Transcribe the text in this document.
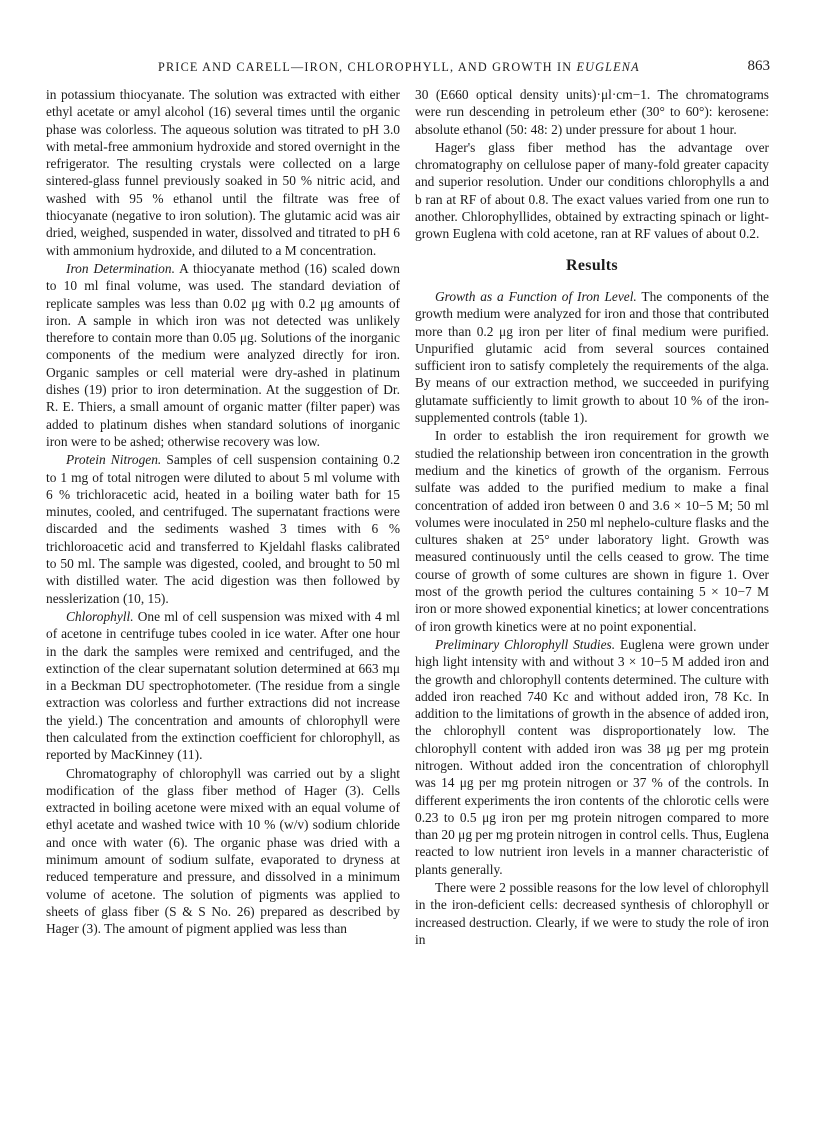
PRICE AND CARELL—IRON, CHLOROPHYLL, AND GROWTH IN EUGLENA	863

in potassium thiocyanate. The solution was extracted with either ethyl acetate or amyl alcohol (16) several times until the organic phase was colorless. The aqueous solution was titrated to pH 3.0 with metal-free ammonium hydroxide and stored overnight in the refrigerator. The resulting crystals were collected on a large sintered-glass funnel previously soaked in 50 % nitric acid, and washed with 95 % ethanol until the filtrate was free of thiocyanate (negative to iron solution). The glutamic acid was air dried, weighed, suspended in water, dissolved and titrated to pH 6 with ammonium hydroxide, and diluted to a M concentration.

Iron Determination. A thiocyanate method (16) scaled down to 10 ml final volume, was used. The standard deviation of replicate samples was less than 0.02 μg with 0.2 μg amounts of iron. A sample in which iron was not detected was unlikely therefore to contain more than 0.05 μg. Solutions of the inorganic components of the medium were analyzed directly for iron. Organic samples or cell material were dry-ashed in platinum dishes (19) prior to iron determination. At the suggestion of Dr. R. E. Thiers, a small amount of organic matter (filter paper) was added to platinum dishes when standard solutions of inorganic iron were to be ashed; otherwise recovery was low.

Protein Nitrogen. Samples of cell suspension containing 0.2 to 1 mg of total nitrogen were diluted to about 5 ml volume with 6 % trichloracetic acid, heated in a boiling water bath for 15 minutes, cooled, and centrifuged. The supernatant fractions were discarded and the sediments washed 3 times with 6 % trichloroacetic acid and transferred to Kjeldahl flasks calibrated to 50 ml. The sample was digested, cooled, and brought to 50 ml with distilled water. The acid digestion was then followed by nesslerization (10, 15).

Chlorophyll. One ml of cell suspension was mixed with 4 ml of acetone in centrifuge tubes cooled in ice water. After one hour in the dark the samples were remixed and centrifuged, and the extinction of the clear supernatant solution determined at 663 mμ in a Beckman DU spectrophotometer. (The residue from a single extraction was colorless and further extractions did not increase the yield.) The concentration and amounts of chlorophyll were then calculated from the extinction coefficient for chlorophyll, as reported by MacKinney (11).

Chromatography of chlorophyll was carried out by a slight modification of the glass fiber method of Hager (3). Cells extracted in boiling acetone were mixed with an equal volume of ethyl acetate and washed twice with 10 % (w/v) sodium chloride and once with water (6). The organic phase was dried with a minimum amount of sodium sulfate, evaporated to dryness at reduced temperature and pressure, and dissolved in a minimum volume of acetone. The solution of pigments was applied to sheets of glass fiber (S & S No. 26) prepared as described by Hager (3). The amount of pigment applied was less than

30 (E660 optical density units)·μl·cm−1. The chromatograms were run descending in petroleum ether (30° to 60°): kerosene: absolute ethanol (50: 48: 2) under pressure for about 1 hour.

Hager's glass fiber method has the advantage over chromatography on cellulose paper of many-fold greater capacity and superior resolution. Under our conditions chlorophylls a and b ran at RF of about 0.8. The exact values varied from one run to another. Chlorophyllides, obtained by extracting spinach or light-grown Euglena with cold acetone, ran at RF values of about 0.2.

Results

Growth as a Function of Iron Level. The components of the growth medium were analyzed for iron and those that contributed more than 0.2 μg iron per liter of final medium were purified. Unpurified glutamic acid from several sources contained sufficient iron to satisfy completely the requirements of the alga. By means of our extraction method, we succeeded in purifying glutamate sufficiently to limit growth to about 10 % of the iron-supplemented controls (table 1).

In order to establish the iron requirement for growth we studied the relationship between iron concentration in the growth medium and the kinetics of growth of the organism. Ferrous sulfate was added to the purified medium to make a final concentration of added iron between 0 and 3.6 × 10−5 M; 50 ml volumes were inoculated in 250 ml nephelo-culture flasks and the cultures shaken at 25° under laboratory light. Growth was measured continuously until the cells ceased to grow. The time course of growth of some cultures are shown in figure 1. Over most of the growth period the cultures containing 5 × 10−7 M iron or more showed exponential kinetics; at lower concentrations of iron growth kinetics were at no point exponential.

Preliminary Chlorophyll Studies. Euglena were grown under high light intensity with and without 3 × 10−5 M added iron and the growth and chlorophyll contents determined. The culture with added iron reached 740 Kc and without added iron, 78 Kc. In addition to the limitations of growth in the absence of added iron, the chlorophyll content was disproportionately low. The chlorophyll content with added iron was 38 μg per mg protein nitrogen. Without added iron the concentration of chlorophyll was 14 μg per mg protein nitrogen or 37 % of the controls. In different experiments the iron contents of the chlorotic cells were 0.23 to 0.5 μg iron per mg protein nitrogen compared to more than 20 μg per mg protein nitrogen in control cells. Thus, Euglena reacted to low nutrient iron levels in a manner characteristic of plants generally.

There were 2 possible reasons for the low level of chlorophyll in the iron-deficient cells: decreased synthesis of chlorophyll or increased destruction. Clearly, if we were to study the role of iron in
